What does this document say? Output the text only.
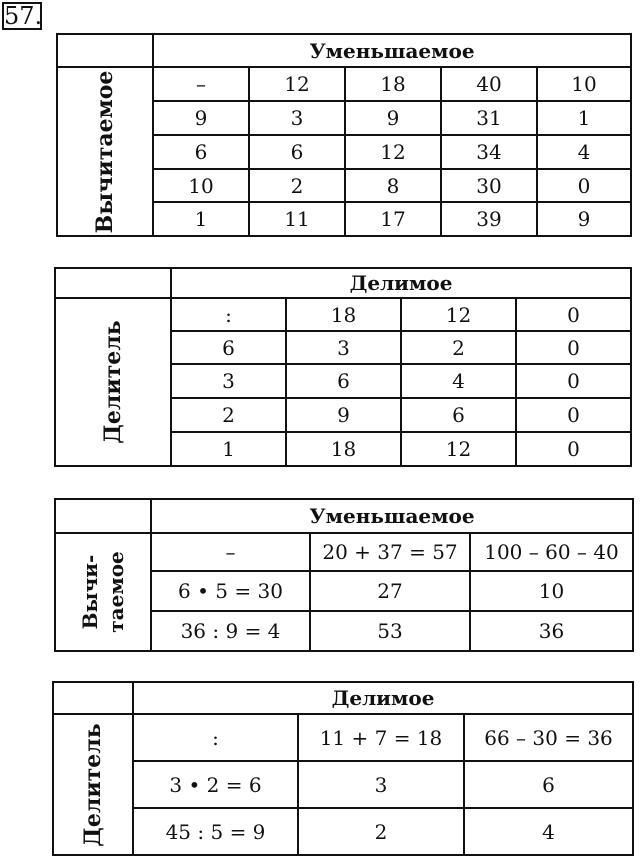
57.
	Уменьшаемое				

Вычитаемое	–	12	18	40	10
	9	3	9	31	1
	6	6	12	34	4
	10	2	8	30	0
	1	11	17	39	9
	Делимое			

Делитель	:	18	12	0
	6	3	2	0
	3	6	4	0
	2	9	6	0
	1	18	12	0
	Уменьшаемое		

Вычи- таемое	–	20 + 37 = 57	100 – 60 – 40
	6 • 5 = 30	27	10
	36 : 9 = 4	53	36
	Делимое		

Делитель	:	11 + 7 = 18	66 – 30 = 36
	3 • 2 = 6	3	6
	45 : 5 = 9	2	4
